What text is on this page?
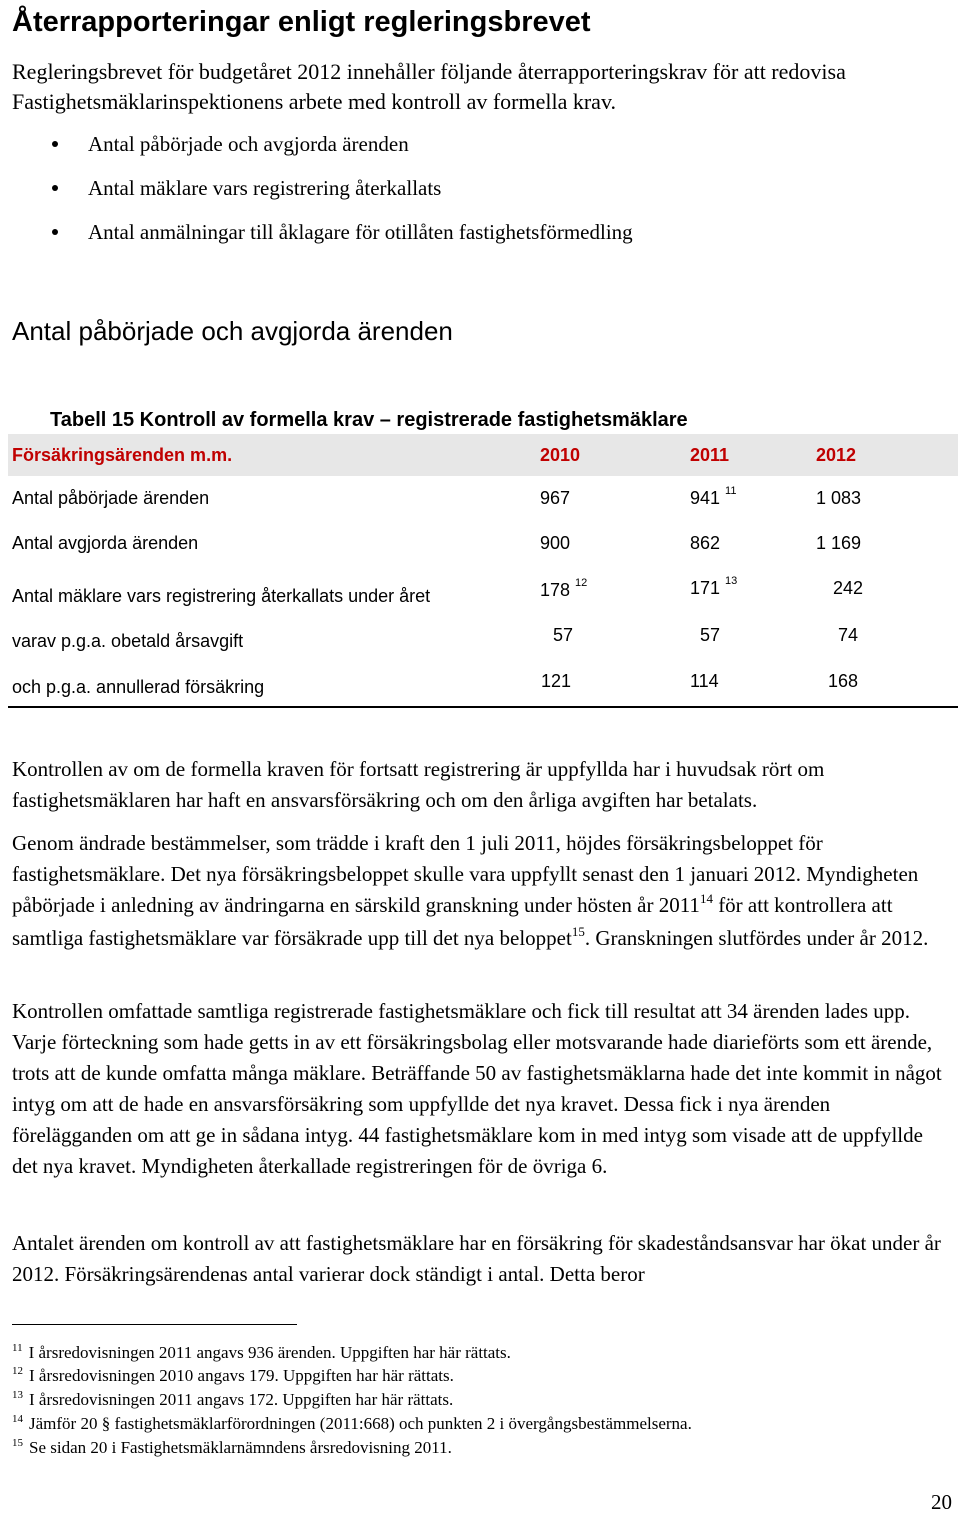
Återrapporteringar enligt regleringsbrevet
Regleringsbrevet för budgetåret 2012 innehåller följande återrapporteringskrav för att redovisa Fastighetsmäklarinspektionens arbete med kontroll av formella krav.
Antal påbörjade och avgjorda ärenden
Antal mäklare vars registrering återkallats
Antal anmälningar till åklagare för otillåten fastighetsförmedling
Antal påbörjade och avgjorda ärenden
Tabell 15 Kontroll av formella krav – registrerade fastighetsmäklare
Försäkringsärenden m.m.	2010	2011	2012
Antal påbörjade ärenden	967	941 $^{11}$	1 083
Antal avgjorda ärenden	900	862	1 169
Antal mäklare vars registrering återkallats under året	178 $^{12}$	171 $^{13}$	242
varav p.g.a. obetald årsavgift	57	57	74
och p.g.a. annullerad försäkring	121	114	168
Kontrollen av om de formella kraven för fortsatt registrering är uppfyllda har i huvudsak rört om fastighetsmäklaren har haft en ansvarsförsäkring och om den årliga avgiften har betalats.
Genom ändrade bestämmelser, som trädde i kraft den 1 juli 2011, höjdes försäkringsbeloppet för fastighetsmäklare. Det nya försäkringsbeloppet skulle vara uppfyllt senast den 1 januari 2012. Myndigheten påbörjade i anledning av ändringarna en särskild granskning under hösten år 2011$^{14}$ för att kontrollera att samtliga fastighetsmäklare var försäkrade upp till det nya beloppet$^{15}$. Granskningen slutfördes under år 2012.
Kontrollen omfattade samtliga registrerade fastighetsmäklare och fick till resultat att 34 ärenden lades upp. Varje förteckning som hade getts in av ett försäkringsbolag eller motsvarande hade diarieförts som ett ärende, trots att de kunde omfatta många mäklare. Beträffande 50 av fastighetsmäklarna hade det inte kommit in något intyg om att de hade en ansvarsförsäkring som uppfyllde det nya kravet. Dessa fick i nya ärenden förelägganden om att ge in sådana intyg. 44 fastighetsmäklare kom in med intyg som visade att de uppfyllde det nya kravet. Myndigheten återkallade registreringen för de övriga 6.
Antalet ärenden om kontroll av att fastighetsmäklare har en försäkring för skadeståndsansvar har ökat under år 2012. Försäkringsärendenas antal varierar dock ständigt i antal. Detta beror
$^{11}$ I årsredovisningen 2011 angavs 936 ärenden. Uppgiften har här rättats.
$^{12}$ I årsredovisningen 2010 angavs 179. Uppgiften har här rättats.
$^{13}$ I årsredovisningen 2011 angavs 172. Uppgiften har här rättats.
$^{14}$ Jämför 20 § fastighetsmäklarförordningen (2011:668) och punkten 2 i övergångsbestämmelserna.
$^{15}$ Se sidan 20 i Fastighetsmäklarnämndens årsredovisning 2011.
20
